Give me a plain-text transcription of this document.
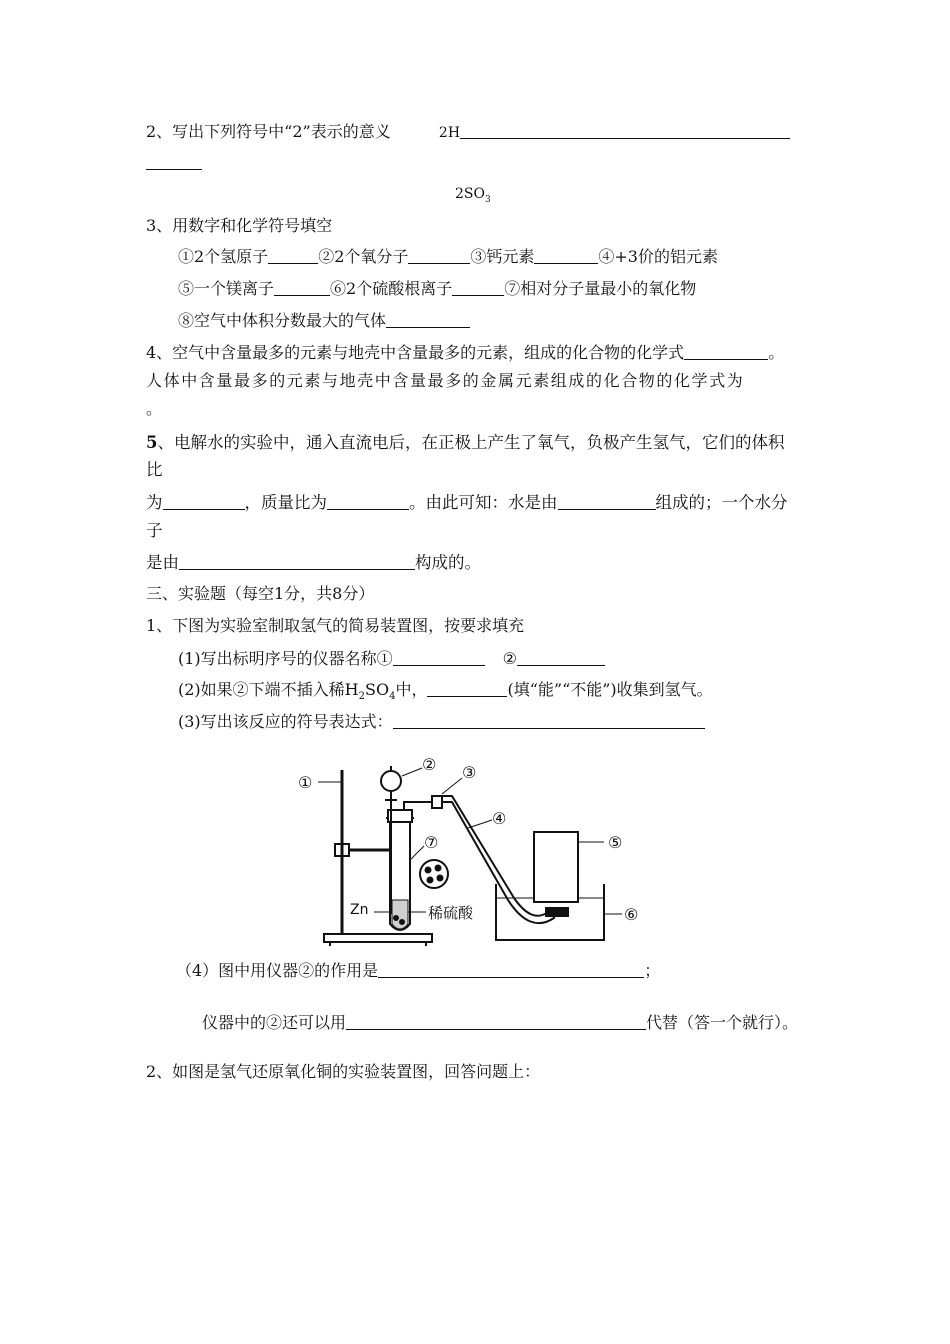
2、写出下列符号中“2”表示的意义	2H
$2SO_3$
3、用数字和化学符号填空
①2个氢原子	②2个氧分子	③钙元素	④+3价的铝元素
⑤一个镁离子	⑥2个硫酸根离子	⑦相对分子量最小的氧化物
⑧空气中体积分数最大的气体
4、空气中含量最多的元素与地壳中含量最多的元素，组成的化合物的化学式	。
人体中含量最多的元素与地壳中含量最多的金属元素组成的化合物的化学式为
。
5、电解水的实验中，通入直流电后，在正极上产生了氧气，负极产生氢气，它们的体积
比
为	，质量比为	。由此可知：水是由	组成的；一个水分
子
是由	构成的。
三、实验题（每空1分，共8分）
1、下图为实验室制取氢气的简易装置图，按要求填充
(1)写出标明序号的仪器名称①	②
(2)如果②下端不插入稀$H_2SO_4$中，	(填“能”“不能”)收集到氢气。
(3)写出该反应的符号表达式：
①
② ③
④
⑤
⑥
⑦
Zn	稀硫酸
（4）图中用仪器②的作用是	；
仪器中的②还可以用	代替（答一个就行）。
2、如图是氢气还原氧化铜的实验装置图，回答问题上：
